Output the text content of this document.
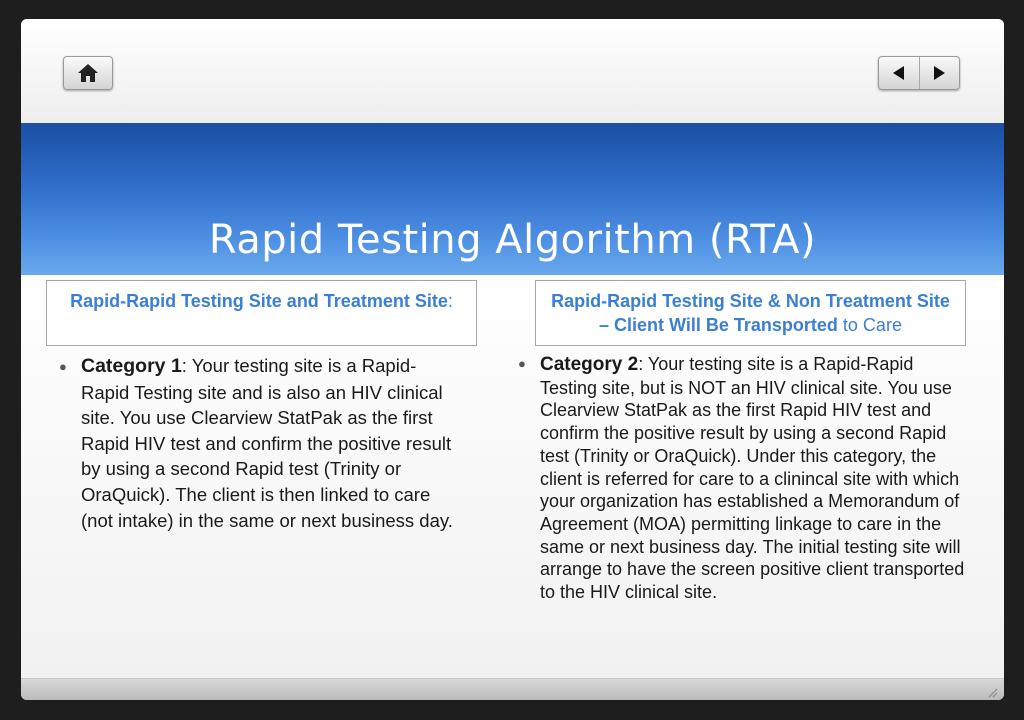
Rapid Testing Algorithm (RTA)
Rapid-Rapid Testing Site and Treatment Site:	Rapid-Rapid Testing Site & Non Treatment Site – Client Will Be Transported to Care
● Category 1: Your testing site is a Rapid-Rapid Testing site and is also an HIV clinical site. You use Clearview StatPak as the first Rapid HIV test and confirm the positive result by using a second Rapid test (Trinity or OraQuick). The client is then linked to care (not intake) in the same or next business day.
● Category 2: Your testing site is a Rapid-Rapid Testing site, but is NOT an HIV clinical site. You use Clearview StatPak as the first Rapid HIV test and confirm the positive result by using a second Rapid test (Trinity or OraQuick). Under this category, the client is referred for care to a clinincal site with which your organization has established a Memorandum of Agreement (MOA) permitting linkage to care in the same or next business day. The initial testing site will arrange to have the screen positive client transported to the HIV clinical site.
